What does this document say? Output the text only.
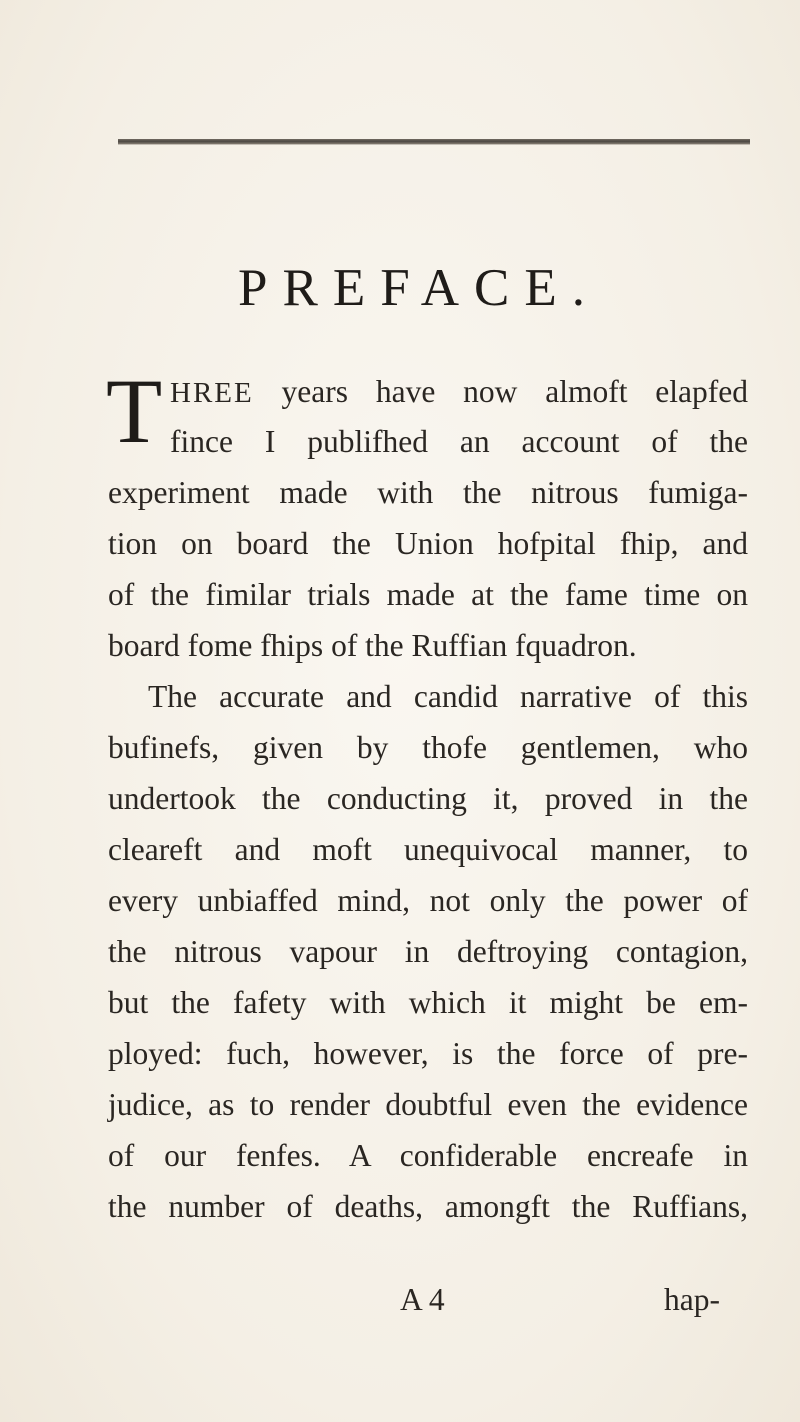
PREFACE.
T HREE years have now almoft elapfed
fince I publifhed an account of the
experiment made with the nitrous fumiga-
tion on board the Union hofpital fhip, and
of the fimilar trials made at the fame time on
board fome fhips of the Ruffian fquadron.
The accurate and candid narrative of this
bufinefs, given by thofe gentlemen, who
undertook the conducting it, proved in the
cleareft and moft unequivocal manner, to
every unbiaffed mind, not only the power of
the nitrous vapour in deftroying contagion,
but the fafety with which it might be em-
ployed: fuch, however, is the force of pre-
judice, as to render doubtful even the evidence
of our fenfes. A confiderable encreafe in
the number of deaths, amongft the Ruffians,
A 4	hap-
